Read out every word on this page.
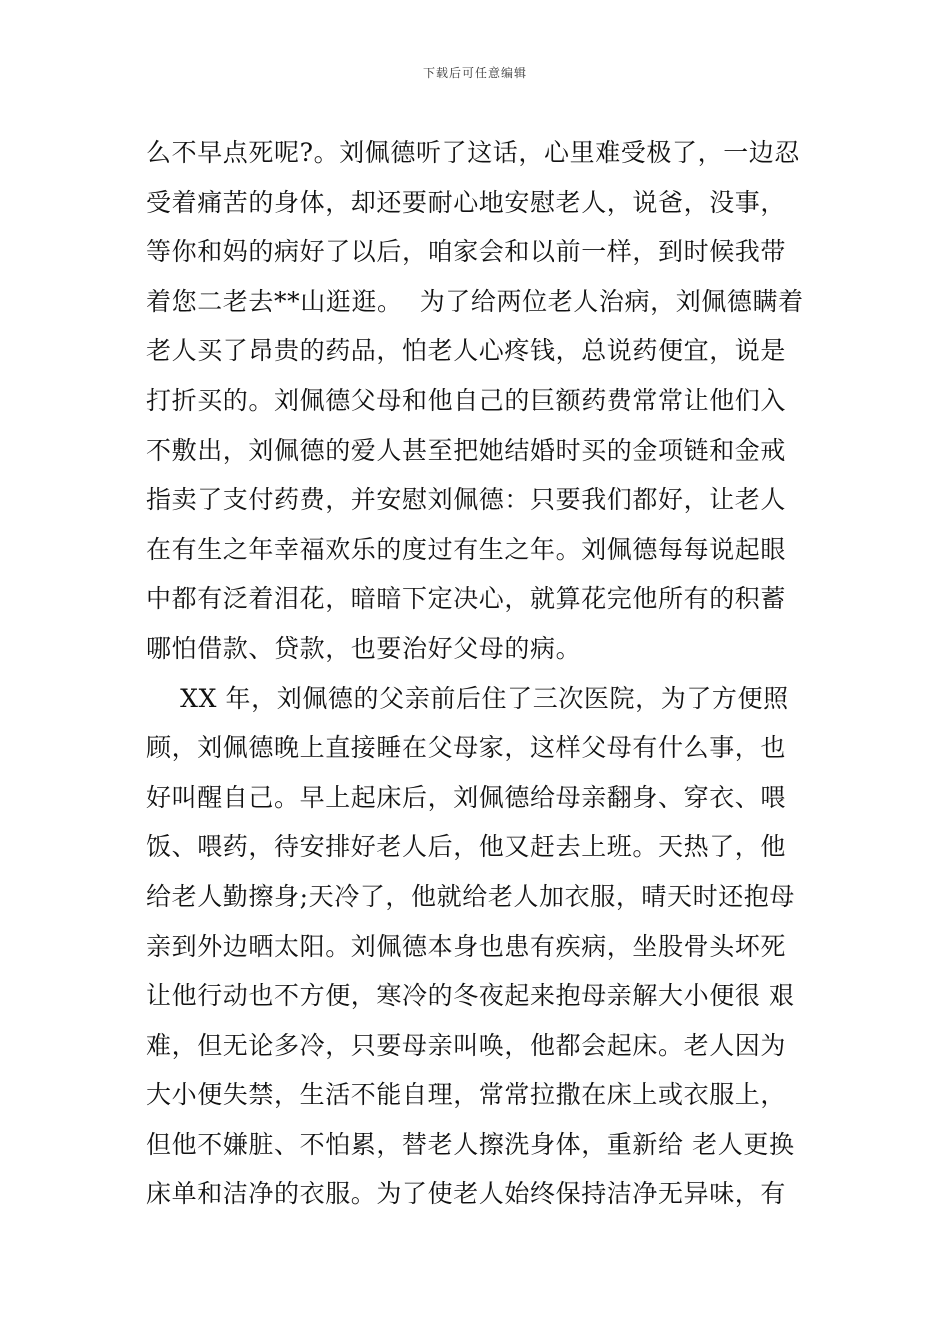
下载后可任意编辑
么不早点死呢?。刘佩德听了这话，心里难受极了，一边忍
受着痛苦的身体，却还要耐心地安慰老人，说爸，没事，
等你和妈的病好了以后，咱家会和以前一样，到时候我带
着您二老去**山逛逛。  为了给两位老人治病，刘佩德瞒着
老人买了昂贵的药品，怕老人心疼钱，总说药便宜，说是
打折买的。刘佩德父母和他自己的巨额药费常常让他们入
不敷出，刘佩德的爱人甚至把她结婚时买的金项链和金戒
指卖了支付药费，并安慰刘佩德：只要我们都好，让老人
在有生之年幸福欢乐的度过有生之年。刘佩德每每说起眼
中都有泛着泪花，暗暗下定决心，就算花完他所有的积蓄
哪怕借款、贷款，也要治好父母的病。
XX 年，刘佩德的父亲前后住了三次医院，为了方便照
顾，刘佩德晚上直接睡在父母家，这样父母有什么事，也
好叫醒自己。早上起床后，刘佩德给母亲翻身、穿衣、喂
饭、喂药，待安排好老人后，他又赶去上班。天热了，他
给老人勤擦身;天冷了，他就给老人加衣服，晴天时还抱母
亲到外边晒太阳。刘佩德本身也患有疾病，坐股骨头坏死
让他行动也不方便，寒冷的冬夜起来抱母亲解大小便很 艰
难，但无论多冷，只要母亲叫唤，他都会起床。老人因为
大小便失禁，生活不能自理，常常拉撒在床上或衣服上，
但他不嫌脏、不怕累，替老人擦洗身体，重新给 老人更换
床单和洁净的衣服。为了使老人始终保持洁净无异味，有
